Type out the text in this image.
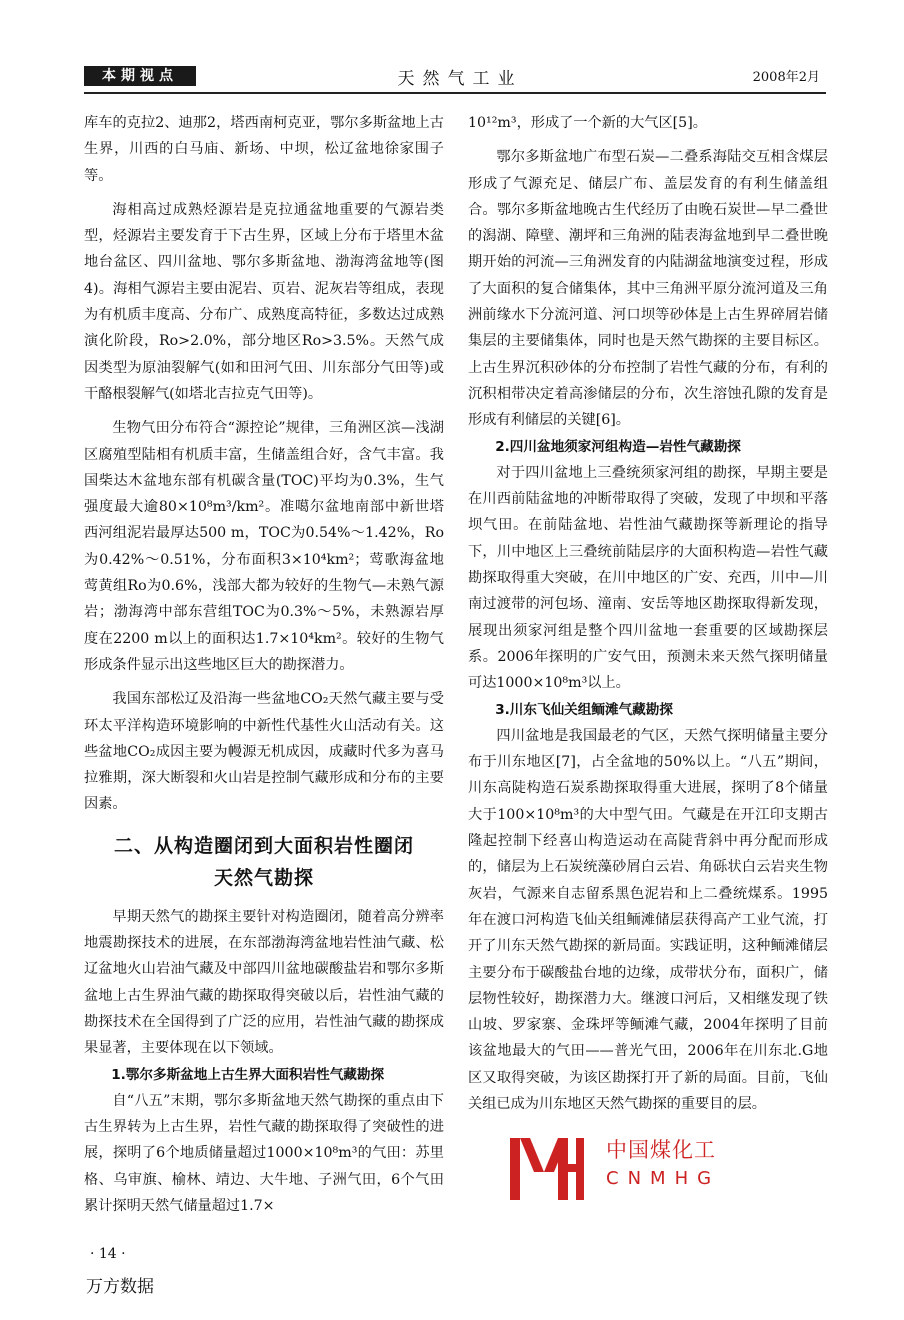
本期视点	天然气工业	2008年2月

库车的克拉2、迪那2，塔西南柯克亚，鄂尔多斯盆地上古生界，川西的白马庙、新场、中坝，松辽盆地徐家围子等。

海相高过成熟烃源岩是克拉通盆地重要的气源岩类型，烃源岩主要发育于下古生界，区域上分布于塔里木盆地台盆区、四川盆地、鄂尔多斯盆地、渤海湾盆地等(图4)。海相气源岩主要由泥岩、页岩、泥灰岩等组成，表现为有机质丰度高、分布广、成熟度高特征，多数达过成熟演化阶段，Ro>2.0%，部分地区Ro>3.5%。天然气成因类型为原油裂解气(如和田河气田、川东部分气田等)或干酪根裂解气(如塔北吉拉克气田等)。

生物气田分布符合“源控论”规律，三角洲区滨—浅湖区腐殖型陆相有机质丰富，生储盖组合好，含气丰富。我国柴达木盆地东部有机碳含量(TOC)平均为0.3%，生气强度最大逾80×10⁸m³/km²。准噶尔盆地南部中新世塔西河组泥岩最厚达500 m，TOC为0.54%～1.42%，Ro为0.42%～0.51%，分布面积3×10⁴km²；莺歌海盆地莺黄组Ro为0.6%，浅部大都为较好的生物气—未熟气源岩；渤海湾中部东营组TOC为0.3%～5%，未熟源岩厚度在2200 m以上的面积达1.7×10⁴km²。较好的生物气形成条件显示出这些地区巨大的勘探潜力。

我国东部松辽及沿海一些盆地CO₂天然气藏主要与受环太平洋构造环境影响的中新性代基性火山活动有关。这些盆地CO₂成因主要为幔源无机成因，成藏时代多为喜马拉雅期，深大断裂和火山岩是控制气藏形成和分布的主要因素。

二、从构造圈闭到大面积岩性圈闭
天然气勘探

早期天然气的勘探主要针对构造圈闭，随着高分辨率地震勘探技术的进展，在东部渤海湾盆地岩性油气藏、松辽盆地火山岩油气藏及中部四川盆地碳酸盐岩和鄂尔多斯盆地上古生界油气藏的勘探取得突破以后，岩性油气藏的勘探技术在全国得到了广泛的应用，岩性油气藏的勘探成果显著，主要体现在以下领域。

1.鄂尔多斯盆地上古生界大面积岩性气藏勘探

自“八五”末期，鄂尔多斯盆地天然气勘探的重点由下古生界转为上古生界，岩性气藏的勘探取得了突破性的进展，探明了6个地质储量超过1000×10⁸m³的气田：苏里格、乌审旗、榆林、靖边、大牛地、子洲气田，6个气田累计探明天然气储量超过1.7×

10¹²m³，形成了一个新的大气区[5]。

鄂尔多斯盆地广布型石炭—二叠系海陆交互相含煤层形成了气源充足、储层广布、盖层发育的有利生储盖组合。鄂尔多斯盆地晚古生代经历了由晚石炭世—早二叠世的潟湖、障壁、潮坪和三角洲的陆表海盆地到早二叠世晚期开始的河流—三角洲发育的内陆湖盆地演变过程，形成了大面积的复合储集体，其中三角洲平原分流河道及三角洲前缘水下分流河道、河口坝等砂体是上古生界碎屑岩储集层的主要储集体，同时也是天然气勘探的主要目标区。上古生界沉积砂体的分布控制了岩性气藏的分布，有利的沉积相带决定着高渗储层的分布，次生溶蚀孔隙的发育是形成有利储层的关键[6]。

2.四川盆地须家河组构造—岩性气藏勘探

对于四川盆地上三叠统须家河组的勘探，早期主要是在川西前陆盆地的冲断带取得了突破，发现了中坝和平落坝气田。在前陆盆地、岩性油气藏勘探等新理论的指导下，川中地区上三叠统前陆层序的大面积构造—岩性气藏勘探取得重大突破，在川中地区的广安、充西，川中—川南过渡带的河包场、潼南、安岳等地区勘探取得新发现，展现出须家河组是整个四川盆地一套重要的区域勘探层系。2006年探明的广安气田，预测未来天然气探明储量可达1000×10⁸m³以上。

3.川东飞仙关组鲕滩气藏勘探

四川盆地是我国最老的气区，天然气探明储量主要分布于川东地区[7]，占全盆地的50%以上。“八五”期间，川东高陡构造石炭系勘探取得重大进展，探明了8个储量大于100×10⁸m³的大中型气田。气藏是在开江印支期古隆起控制下经喜山构造运动在高陡背斜中再分配而形成的，储层为上石炭统藻砂屑白云岩、角砾状白云岩夹生物灰岩，气源来自志留系黑色泥岩和上二叠统煤系。1995年在渡口河构造飞仙关组鲕滩储层获得高产工业气流，打开了川东天然气勘探的新局面。实践证明，这种鲕滩储层主要分布于碳酸盐台地的边缘，成带状分布，面积广，储层物性较好，勘探潜力大。继渡口河后，又相继发现了铁山坡、罗家寨、金珠坪等鲕滩气藏，2004年探明了目前该盆地最大的气田——普光气田，2006年在川东北.G地区又取得突破，为该区勘探打开了新的局面。目前，飞仙关组已成为川东地区天然气勘探的重要目的层。

中国煤化工
CNMHG
· 14 ·
万方数据
